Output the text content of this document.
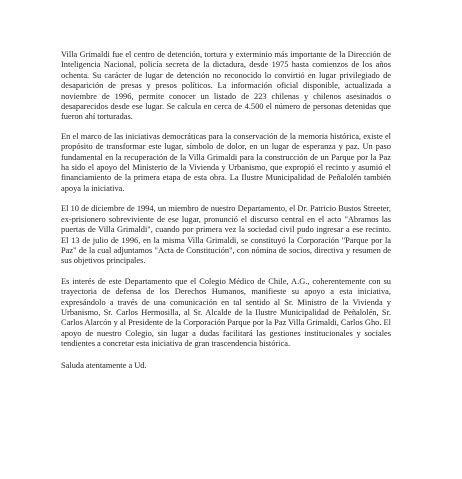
Villa Grimaldi fue el centro de detención, tortura y exterminio más importante de la Dirección de Inteligencia Nacional, policía secreta de la dictadura, desde 1975 hasta comienzos de los años ochenta. Su carácter de lugar de detención no reconocido lo convirtió en lugar privilegiado de desaparición de presas y presos políticos. La información oficial disponible, actualizada a noviembre de 1996, permite conocer un listado de 223 chilenas y chilenos asesinados o desaparecidos desde ese lugar. Se calcula en cerca de 4.500 el número de personas detenidas que fueron ahí torturadas.

En el marco de las iniciativas democráticas para la conservación de la memoria histórica, existe el propósito de transformar este lugar, símbolo de dolor, en un lugar de esperanza y paz. Un paso fundamental en la recuperación de la Villa Grimaldi para la construcción de un Parque por la Paz ha sido el apoyo del Ministerio de la Vivienda y Urbanismo, que expropió el recinto y asumió el financiamiento de la primera etapa de esta obra. La Ilustre Municipalidad de Peñalolén también apoya la iniciativa.

El 10 de diciembre de 1994, un miembro de nuestro Departamento, el Dr. Patricio Bustos Streeter, ex-prisionero sobreviviente de ese lugar, pronunció el discurso central en el acto "Abramos las puertas de Villa Grimaldi", cuando por primera vez la sociedad civil pudo ingresar a ese recinto. El 13 de julio de 1996, en la misma Villa Grimaldi, se constituyó la Corporación "Parque por la Paz" de la cual adjuntamos "Acta de Constitución", con nómina de socios, directiva y resumen de sus objetivos principales.

Es interés de este Departamento que el Colegio Médico de Chile, A.G., coherentemente con su trayectoria de defensa de los Derechos Humanos, manifieste su apoyo a esta iniciativa, expresándolo a través de una comunicación en tal sentido al Sr. Ministro de la Vivienda y Urbanismo, Sr. Carlos Hermosilla, al Sr. Alcalde de la Ilustre Municipalidad de Peñalolén, Sr. Carlos Alarcón y al Presidente de la Corporación Parque por la Paz Villa Grimaldi, Carlos Gho. El apoyo de nuestro Colegio, sin lugar a dudas facilitará las gestiones institucionales y sociales tendientes a concretar esta iniciativa de gran trascendencia histórica.

Saluda atentamente a Ud.
